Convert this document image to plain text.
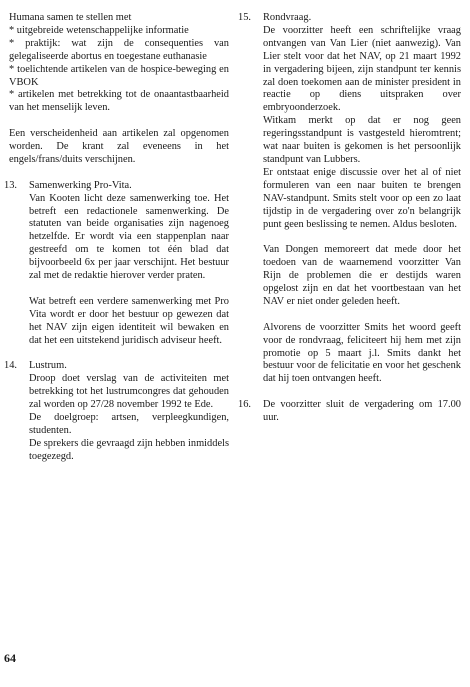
Humana samen te stellen met

* uitgebreide wetenschappelijke informatie

* praktijk: wat zijn de consequenties van gelegaliseerde abortus en toegestane euthanasie

* toelichtende artikelen van de hospice-beweging en VBOK

* artikelen met betrekking tot de onaantastbaarheid van het menselijk leven.

Een verscheidenheid aan artikelen zal opgenomen worden. De krant zal eveneens in het engels/frans/duits verschijnen.

13. Samenwerking Pro-Vita.

Van Kooten licht deze samenwerking toe. Het betreft een redactionele samenwerking. De statuten van beide organisaties zijn nagenoeg hetzelfde. Er wordt via een stappenplan naar gestreefd om te komen tot één blad dat bijvoorbeeld 6x per jaar verschijnt. Het bestuur zal met de redaktie hierover verder praten.

Wat betreft een verdere samenwerking met Pro Vita wordt er door het bestuur op gewezen dat het NAV zijn eigen identiteit wil bewaken en dat het een uitstekend juridisch adviseur heeft.

14. Lustrum.

Droop doet verslag van de activiteiten met betrekking tot het lustrumcongres dat gehouden zal worden op 27/28 november 1992 te Ede.

De doelgroep: artsen, verpleegkundigen, studenten.

De sprekers die gevraagd zijn hebben inmiddels toegezegd.

15. Rondvraag.

De voorzitter heeft een schriftelijke vraag ontvangen van Van Lier (niet aanwezig). Van Lier stelt voor dat het NAV, op 21 maart 1992 in vergadering bijeen, zijn standpunt ter kennis zal doen toekomen aan de minister president in reactie op diens uitspraken over embryoonderzoek.

Witkam merkt op dat er nog geen regeringsstandpunt is vastgesteld hieromtrent; wat naar buiten is gekomen is het persoonlijk standpunt van Lubbers.

Er ontstaat enige discussie over het al of niet formuleren van een naar buiten te brengen NAV-standpunt. Smits stelt voor op een zo laat tijdstip in de vergadering over zo'n belangrijk punt geen beslissing te nemen. Aldus besloten.

Van Dongen memoreert dat mede door het toedoen van de waarnemend voorzitter Van Rijn de problemen die er destijds waren opgelost zijn en dat het voortbestaan van het NAV er niet onder geleden heeft.

Alvorens de voorzitter Smits het woord geeft voor de rondvraag, feliciteert hij hem met zijn promotie op 5 maart j.l. Smits dankt het bestuur voor de felicitatie en voor het geschenk dat hij toen ontvangen heeft.

16. De voorzitter sluit de vergadering om 17.00 uur.

64
